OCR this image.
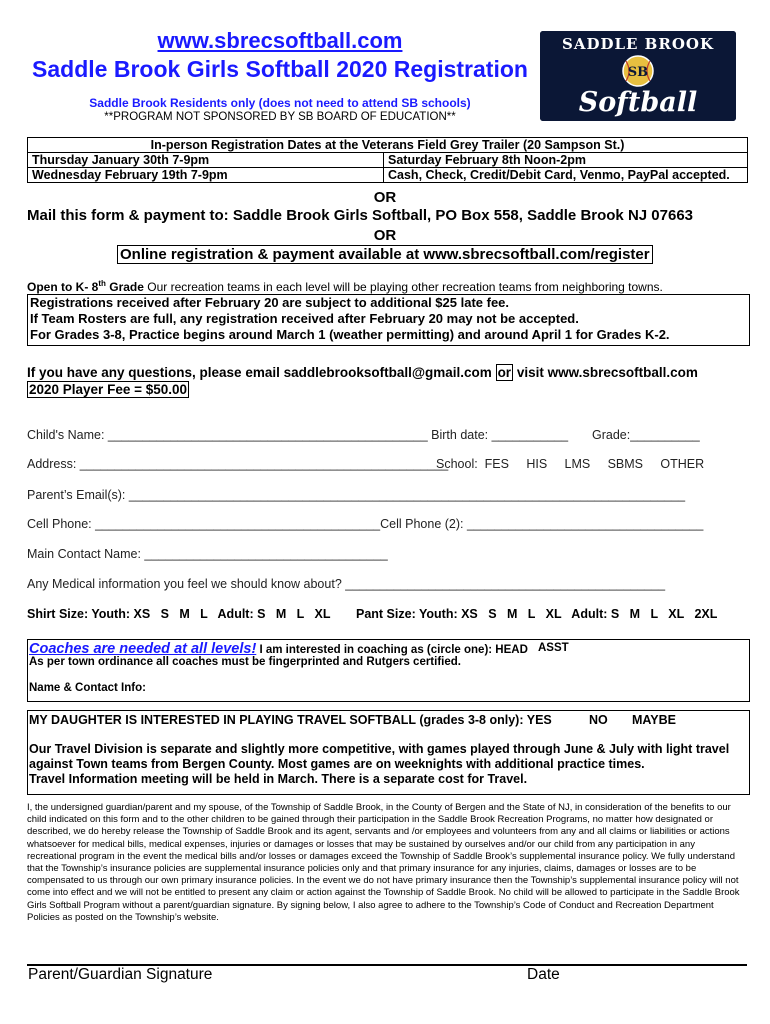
www.sbrecsoftball.com
Saddle Brook Girls Softball 2020 Registration
Saddle Brook Residents only (does not need to attend SB schools)
**PROGRAM NOT SPONSORED BY SB BOARD OF EDUCATION**
SADDLE BROOK
SB
Softball
In-person Registration Dates at the Veterans Field Grey Trailer (20 Sampson St.)	
Thursday January 30th 7-9pm	Saturday February 8th Noon-2pm
Wednesday February 19th 7-9pm	Cash, Check, Credit/Debit Card, Venmo, PayPal accepted.
OR
Mail this form & payment to: Saddle Brook Girls Softball, PO Box 558, Saddle Brook NJ 07663
OR
Online registration & payment available at www.sbrecsoftball.com/register
Open to K- 8th Grade Our recreation teams in each level will be playing other recreation teams from neighboring towns.
Registrations received after February 20 are subject to additional $25 late fee.
If Team Rosters are full, any registration received after February 20 may not be accepted.
For Grades 3-8, Practice begins around March 1 (weather permitting) and around April 1 for Grades K-2.
If you have any questions, please email saddlebrooksoftball@gmail.com or visit www.sbrecsoftball.com
2020 Player Fee = $50.00
Child's Name: ______________________________________________ Birth date: ___________ Grade:__________
Address: _____________________________________________________
School:  FES     HIS     LMS     SBMS     OTHER
Parent’s Email(s): ________________________________________________________________________________
Cell Phone: _________________________________________Cell Phone (2): __________________________________
Main Contact Name: ___________________________________
Any Medical information you feel we should know about? ______________________________________________
Shirt Size: Youth: XS   S   M   L   Adult: S   M   L   XL Pant Size: Youth: XS   S   M   L   XL   Adult: S   M   L   XL   2XL
Coaches are needed at all levels! I am interested in coaching as (circle one): HEAD ASST
As per town ordinance all coaches must be fingerprinted and Rutgers certified.
Name & Contact Info:
MY DAUGHTER IS INTERESTED IN PLAYING TRAVEL SOFTBALL (grades 3-8 only): YES	NO MAYBE
Our Travel Division is separate and slightly more competitive, with games played through June & July with light travel
against Town teams from Bergen County. Most games are on weeknights with additional practice times.
Travel Information meeting will be held in March. There is a separate cost for Travel.
I, the undersigned guardian/parent and my spouse, of the Township of Saddle Brook, in the County of Bergen and the State of NJ, in consideration of the benefits to our child indicated on this form and to the other children to be gained through their participation in the Saddle Brook Recreation Programs, no matter how designated or described, we do hereby release the Township of Saddle Brook and its agent, servants and /or employees and volunteers from any and all claims or liabilities or actions whatsoever for medical bills, medical expenses, injuries or damages or losses that may be sustained by ourselves and/or our child from any participation in any recreational program in the event the medical bills and/or losses or damages exceed the Township of Saddle Brook’s supplemental insurance policy. We fully understand that the Township’s insurance policies are supplemental insurance policies only and that primary insurance for any injuries, claims, damages or losses are to be compensated to us through our own primary insurance policies. In the event we do not have primary insurance then the Township’s supplemental insurance policy will not come into effect and we will not be entitled to present any claim or action against the Township of Saddle Brook. No child will be allowed to participate in the Saddle Brook Girls Softball Program without a parent/guardian signature. By signing below, I also agree to adhere to the Township’s Code of Conduct and Recreation Department Policies as posted on the Township’s website.
Parent/Guardian Signature	Date
